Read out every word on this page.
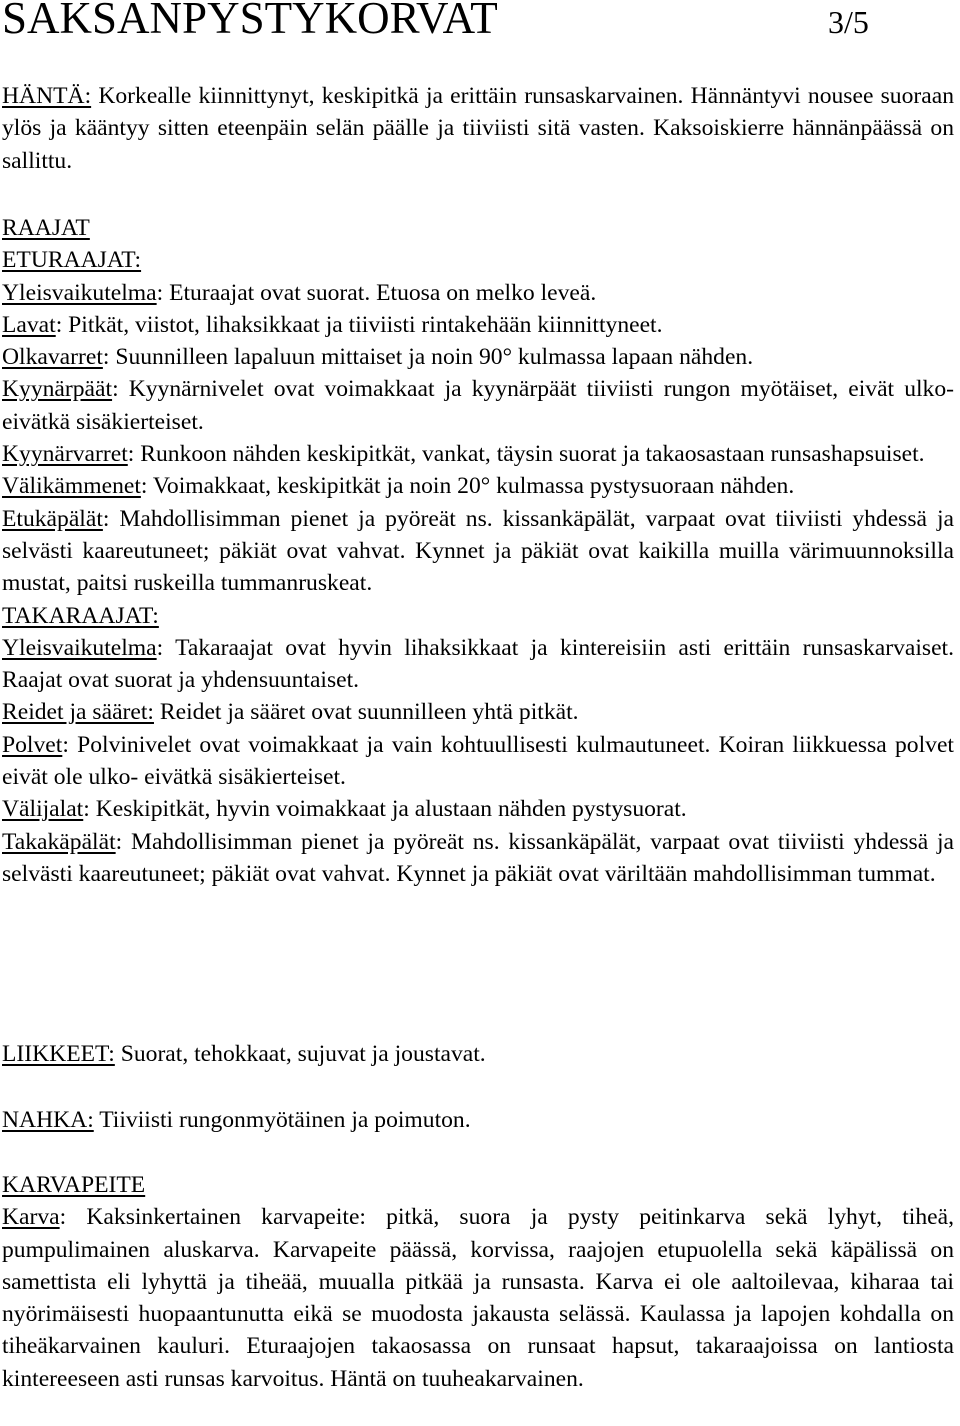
SAKSANPYSTYKORVAT	3/5
HÄNTÄ: Korkealle kiinnittynyt, keskipitkä ja erittäin runsaskarvainen. Hännäntyvi nousee suoraan ylös ja kääntyy sitten eteenpäin selän päälle ja tiiviisti sitä vasten. Kaksoiskierre hännänpäässä on sallittu.
RAAJAT
ETURAAJAT:
Yleisvaikutelma: Eturaajat ovat suorat. Etuosa on melko leveä.
Lavat: Pitkät, viistot, lihaksikkaat ja tiiviisti rintakehään kiinnittyneet.
Olkavarret: Suunnilleen lapaluun mittaiset ja noin 90° kulmassa lapaan nähden.
Kyynärpäät: Kyynärnivelet ovat voimakkaat ja kyynärpäät tiiviisti rungon myötäiset, eivät ulko- eivätkä sisäkierteiset.
Kyynärvarret: Runkoon nähden keskipitkät, vankat, täysin suorat ja takaosastaan runsashapsuiset.
Välikämmenet: Voimakkaat, keskipitkät ja noin 20° kulmassa pystysuoraan nähden.
Etukäpälät: Mahdollisimman pienet ja pyöreät ns. kissankäpälät, varpaat ovat tiiviisti yhdessä ja selvästi kaareutuneet; päkiät ovat vahvat. Kynnet ja päkiät ovat kaikilla muilla värimuunnoksilla mustat, paitsi ruskeilla tummanruskeat.
TAKARAAJAT:
Yleisvaikutelma: Takaraajat ovat hyvin lihaksikkaat ja kintereisiin asti erittäin runsaskarvaiset. Raajat ovat suorat ja yhdensuuntaiset.
Reidet ja sääret: Reidet ja sääret ovat suunnilleen yhtä pitkät.
Polvet: Polvinivelet ovat voimakkaat ja vain kohtuullisesti kulmautuneet. Koiran liikkuessa polvet eivät ole ulko- eivätkä sisäkierteiset.
Välijalat: Keskipitkät, hyvin voimakkaat ja alustaan nähden pystysuorat.
Takakäpälät: Mahdollisimman pienet ja pyöreät ns. kissankäpälät, varpaat ovat tiiviisti yhdessä ja selvästi kaareutuneet; päkiät ovat vahvat. Kynnet ja päkiät ovat väriltään mahdollisimman tummat.
LIIKKEET: Suorat, tehokkaat, sujuvat ja joustavat.
NAHKA: Tiiviisti rungonmyötäinen ja poimuton.
KARVAPEITE
Karva: Kaksinkertainen karvapeite: pitkä, suora ja pysty peitinkarva sekä lyhyt, tiheä, pumpulimainen aluskarva. Karvapeite päässä, korvissa, raajojen etupuolella sekä käpälissä on samettista eli lyhyttä ja tiheää, muualla pitkää ja runsasta. Karva ei ole aaltoilevaa, kiharaa tai nyörimäisesti huopaantunutta eikä se muodosta jakausta selässä. Kaulassa ja lapojen kohdalla on tiheäkarvainen kauluri. Eturaajojen takaosassa on runsaat hapsut, takaraajoissa on lantiosta kintereeseen asti runsas karvoitus. Häntä on tuuheakarvainen.
